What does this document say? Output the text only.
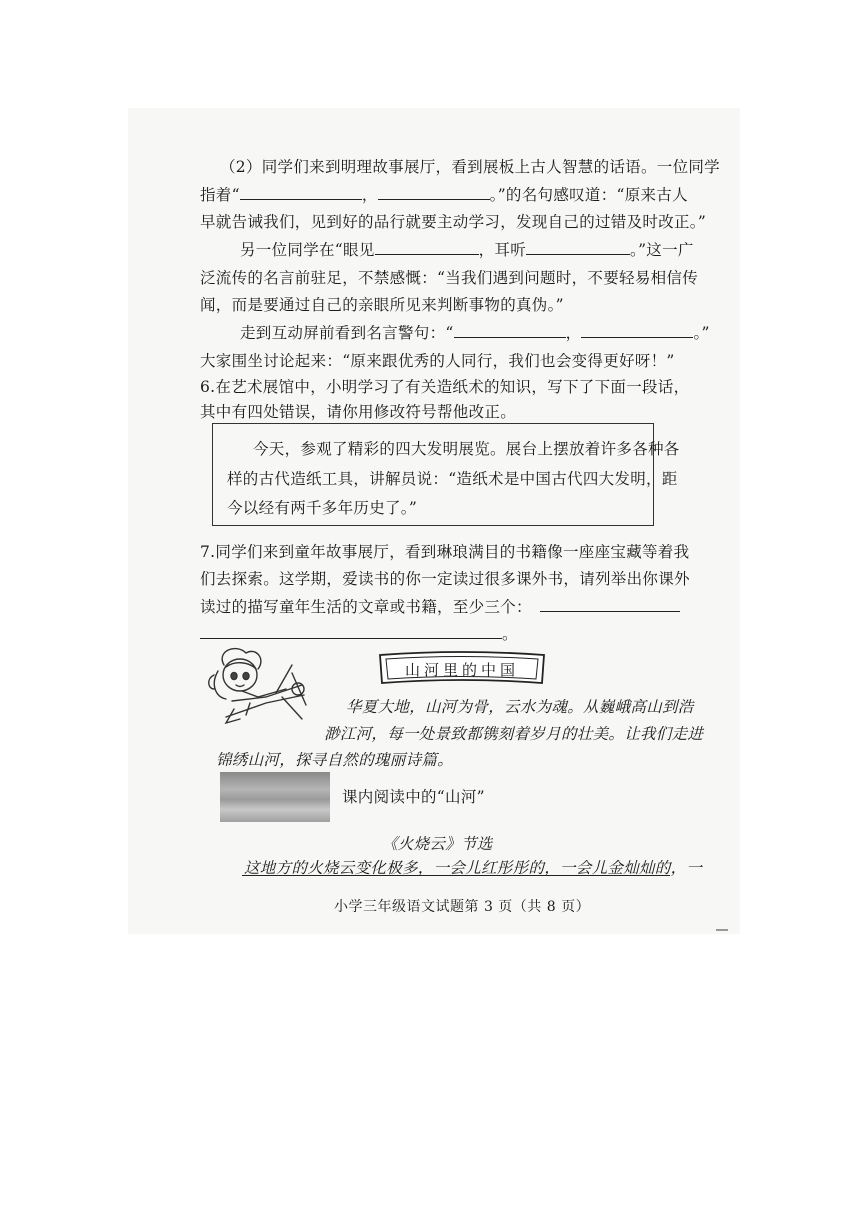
（2）同学们来到明理故事展厅，看到展板上古人智慧的话语。一位同学
指着“	，	。”的名句感叹道：“原来古人
早就告诫我们，见到好的品行就要主动学习，发现自己的过错及时改正。”
另一位同学在“眼见	，耳听	。”这一广
泛流传的名言前驻足，不禁感慨：“当我们遇到问题时，不要轻易相信传
闻，而是要通过自己的亲眼所见来判断事物的真伪。”
走到互动屏前看到名言警句：“	，	。”
大家围坐讨论起来：“原来跟优秀的人同行，我们也会变得更好呀！”
6.在艺术展馆中，小明学习了有关造纸术的知识，写下了下面一段话，
其中有四处错误，请你用修改符号帮他改正。
今天，参观了精彩的四大发明展览。展台上摆放着许多各种各
样的古代造纸工具，讲解员说：“造纸术是中国古代四大发明，距
今以经有两千多年历史了。”
7.同学们来到童年故事展厅，看到琳琅满目的书籍像一座座宝藏等着我
们去探索。这学期，爱读书的你一定读过很多课外书，请列举出你课外
读过的描写童年生活的文章或书籍，至少三个：
。
山河里的中国
华夏大地，山河为骨，云水为魂。从巍峨高山到浩
渺江河，每一处景致都镌刻着岁月的壮美。让我们走进
锦绣山河，探寻自然的瑰丽诗篇。
课内阅读中的“山河”
《火烧云》节选
这地方的火烧云变化极多，一会儿红彤彤的，一会儿金灿灿的，一
小学三年级语文试题第 3 页（共 8 页）
